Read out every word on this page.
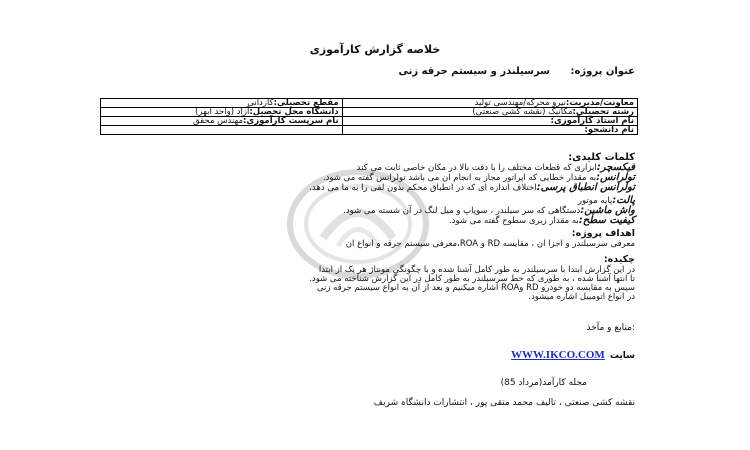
خلاصه گزارش کارآموزی
عنوان پروژه:
سرسیلندر و سیستم جرقه زنی
معاونت/مدیریت:نیرو محرکه/مهندسی تولید	مقطع تحصیلی:کاردانی
رشته تحصیلی:مکانیک (نقشه کشی صنعتی)	دانشگاه محل تحصیل:آزاد (واحد ابهر)
نام استاد کارآموزی:	نام سرپست کارآموزی:مهندس محقق
نام دانشجو:	
کلمات کلیدی:
فیکسچر:ابزاری که قطعات مختلف را با دقت بالا در مکان خاصی ثابت می کند
تولرانس:به مقدار خطایی که اپراتور مجاز به انجام ان می باشد تولرانس گفته می شود.
تولرانس انطباق پرسی:اختلاف اندازه ای که در انطباق محکم بدون لقی را به ما می دهد.
پالت:پایه موتور
واش ماشین:دستگاهی که سر سیلندر ، سوپاپ و میل لنگ در آن شسته می شود.
کیفیت سطح:به مقدار زبری سطوح گفته می شود.
اهداف پروژه:
معرفی سرسیلندر و اجزا ان ، مقایسه RD و ROA،معرفی سیستم جرقه و انواع ان
چکیده:
در این گزارش ابتدا با سرسیلندر به طور کامل آشنا شده و با چگونگی مونتاژ هر یک از ابتدا
تا انتها آشنا شده ، به طوری که خط سرسیلندر به طور کامل در این گزارش شناخته می شود.
سپس به مقایسه دو خودرو RD وROA اشاره میکنیم و بعد از آن به انواع سیستم جرقه زنی
در انواع اتومبیل اشاره میشود.
:منابع و مآخذ
WWW.IKCO.COM سایت
مجله کارآمد(مرداد 85)
نقشه کشی صنعتی ، تالیف محمد متقی پور ، انتشارات دانشگاه شریف
